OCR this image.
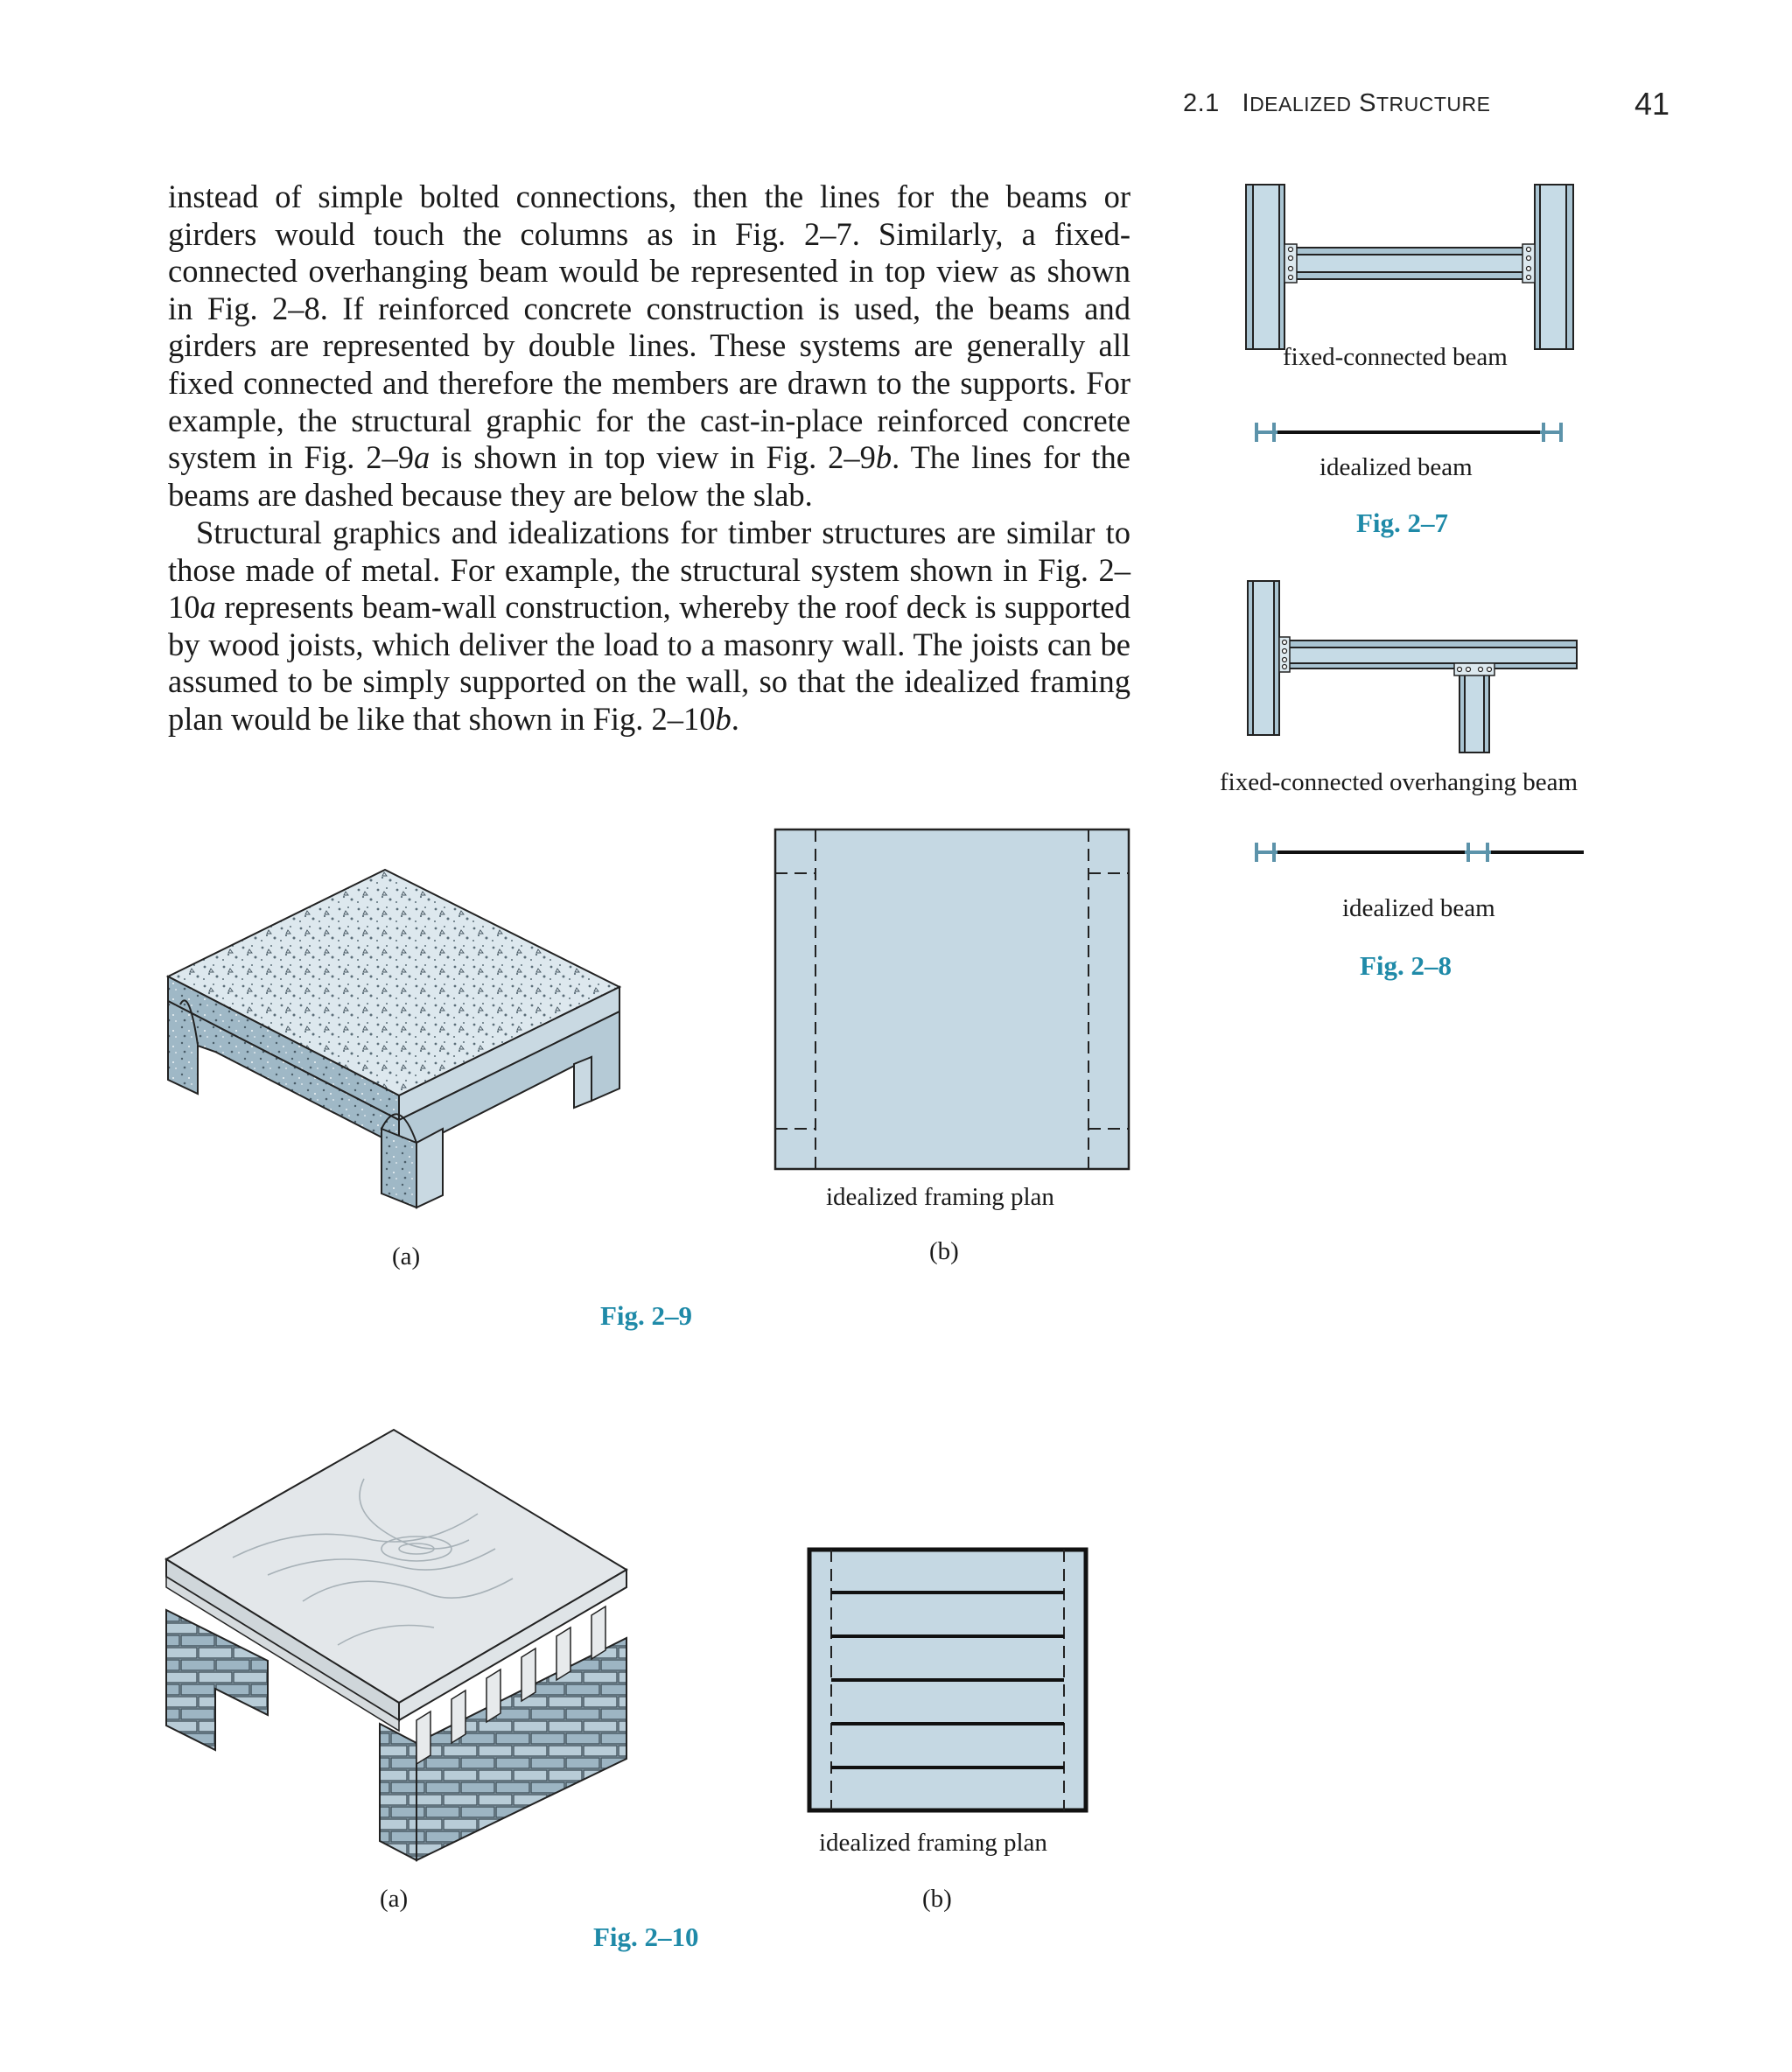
2.1 IDEALIZED STRUCTURE	41

instead of simple bolted connections, then the lines for the beams or girders would touch the columns as in Fig. 2–7. Similarly, a fixed-connected overhanging beam would be represented in top view as shown in Fig. 2–8. If reinforced concrete construction is used, the beams and girders are represented by double lines. These systems are generally all fixed connected and therefore the members are drawn to the supports. For example, the structural graphic for the cast-in-place reinforced concrete system in Fig. 2–9a is shown in top view in Fig. 2–9b. The lines for the beams are dashed because they are below the slab.

Structural graphics and idealizations for timber structures are similar to those made of metal. For example, the structural system shown in Fig. 2–10a represents beam-wall construction, whereby the roof deck is supported by wood joists, which deliver the load to a masonry wall. The joists can be assumed to be simply supported on the wall, so that the idealized framing plan would be like that shown in Fig. 2–10b.

fixed-connected beam
idealized beam
Fig. 2–7
fixed-connected overhanging beam
idealized beam
Fig. 2–8
(a)
idealized framing plan
(b)
Fig. 2–9
(a)
idealized framing plan
(b)
Fig. 2–10
